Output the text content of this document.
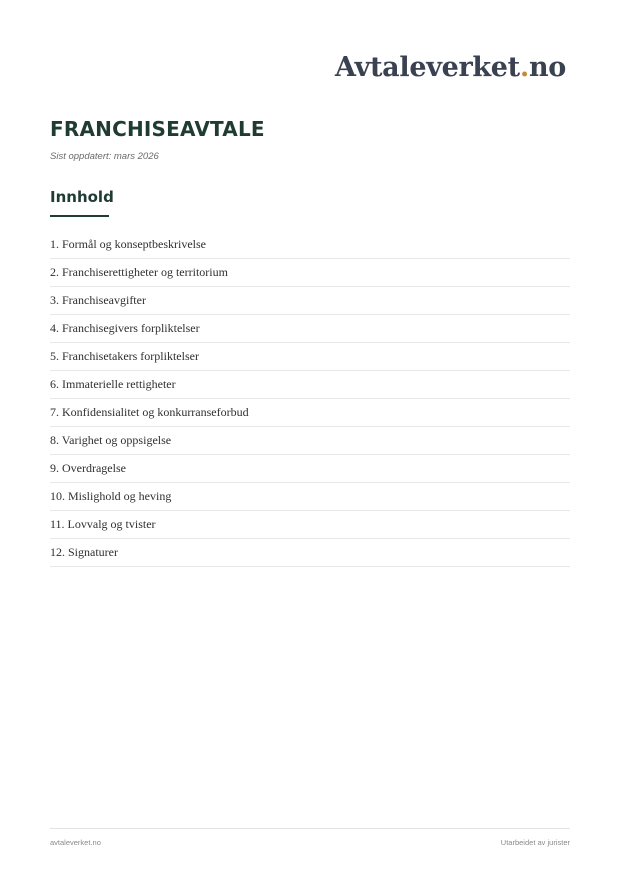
Avtaleverket.no
FRANCHISEAVTALE
Sist oppdatert: mars 2026
Innhold
1. Formål og konseptbeskrivelse
2. Franchiserettigheter og territorium
3. Franchiseavgifter
4. Franchisegivers forpliktelser
5. Franchisetakers forpliktelser
6. Immaterielle rettigheter
7. Konfidensialitet og konkurranseforbud
8. Varighet og oppsigelse
9. Overdragelse
10. Mislighold og heving
11. Lovvalg og tvister
12. Signaturer
avtaleverket.no	Utarbeidet av jurister
